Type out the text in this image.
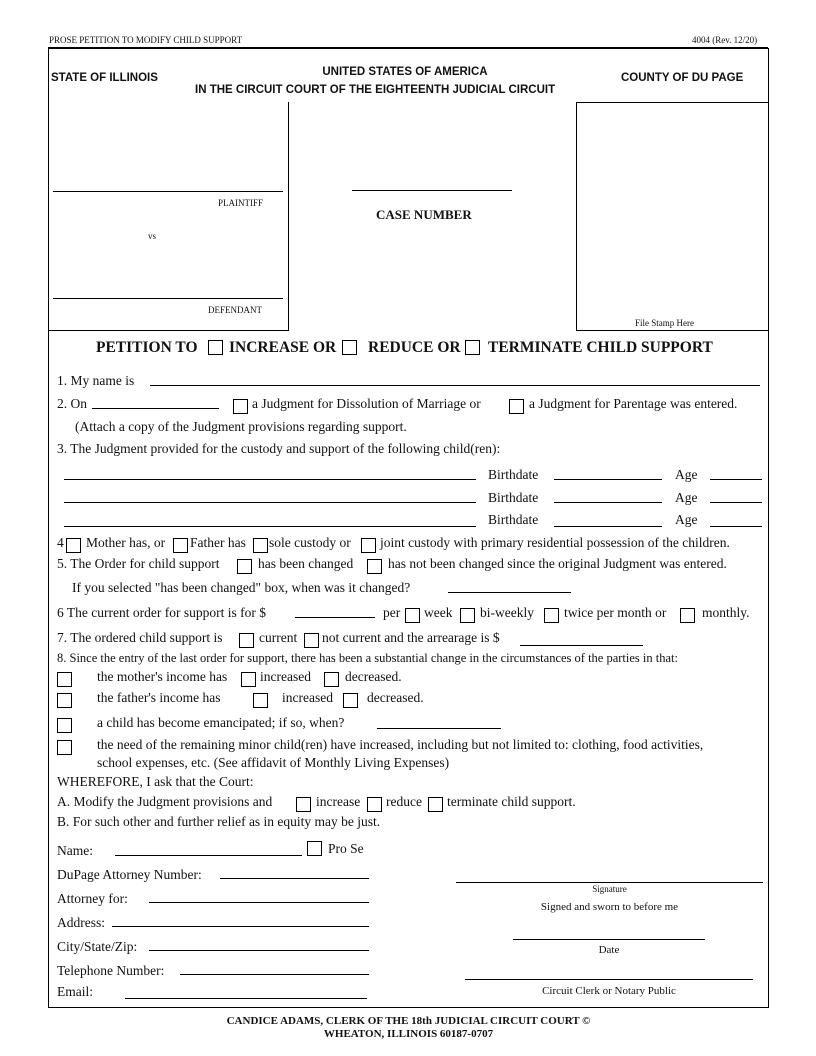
PROSE PETITION TO MODIFY CHILD SUPPORT	4004 (Rev. 12/20)
STATE OF ILLINOIS	UNITED STATES OF AMERICA
IN THE CIRCUIT COURT OF THE EIGHTEENTH JUDICIAL CIRCUIT
COUNTY OF DU PAGE
PLAINTIFF
vs
DEFENDANT
CASE NUMBER
File Stamp Here
PETITION TO INCREASE OR REDUCE OR TERMINATE CHILD SUPPORT
1. My name is
2. On	a Judgment for Dissolution of Marriage or	a Judgment for Parentage was entered.
(Attach a copy of the Judgment provisions regarding support.
3. The Judgment provided for the custody and support of the following child(ren):
Birthdate	Age
Birthdate	Age
Birthdate	Age
4 Mother has, or Father has sole custody or joint custody with primary residential possession of the children.
5. The Order for child support	has been changed	has not been changed since the original Judgment was entered.
If you selected "has been changed" box, when was it changed?
6 The current order for support is for $	per week bi-weekly twice per month or	monthly.
7. The ordered child support is	current not current and the arrearage is $
8. Since the entry of the last order for support, there has been a substantial change in the circumstances of the parties in that:
the mother's income has increased	decreased.
the father's income has	increased	decreased.
a child has become emancipated; if so, when?
the need of the remaining minor child(ren) have increased, including but not limited to: clothing, food activities,
school expenses, etc. (See affidavit of Monthly Living Expenses)
WHEREFORE, I ask that the Court:
A. Modify the Judgment provisions and	increase reduce terminate child support.
B. For such other and further relief as in equity may be just.
Name:	Pro Se
DuPage Attorney Number:
Attorney for:
Address:
City/State/Zip:
Telephone Number:
Email:
Signature
Signed and sworn to before me
Date
Circuit Clerk or Notary Public
CANDICE ADAMS, CLERK OF THE 18th JUDICIAL CIRCUIT COURT ©
WHEATON, ILLINOIS 60187-0707
